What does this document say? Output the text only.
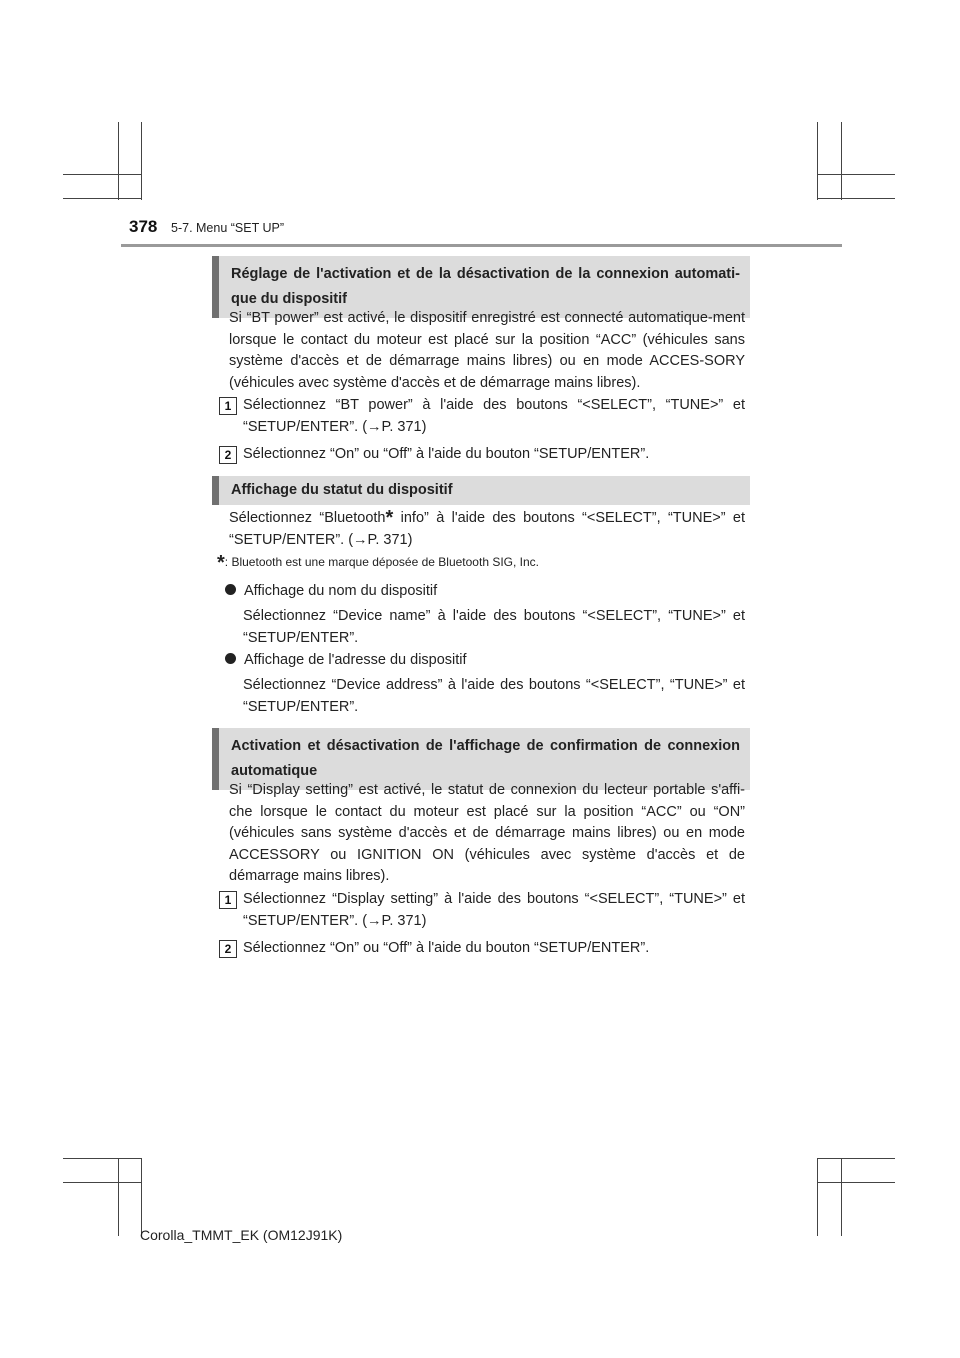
378 5-7. Menu “SET UP”
Réglage de l'activation et de la désactivation de la connexion automati-que du dispositif
Si “BT power” est activé, le dispositif enregistré est connecté automatique-ment lorsque le contact du moteur est placé sur la position “ACC” (véhicules sans système d'accès et de démarrage mains libres) ou en mode ACCES-SORY (véhicules avec système d'accès et de démarrage mains libres).
1 Sélectionnez “BT power” à l'aide des boutons “<SELECT”, “TUNE>” et “SETUP/ENTER”. (→P. 371)
2 Sélectionnez “On” ou “Off” à l'aide du bouton “SETUP/ENTER”.
Affichage du statut du dispositif
Sélectionnez “Bluetooth* info” à l'aide des boutons “<SELECT”, “TUNE>” et “SETUP/ENTER”. (→P. 371)
*: Bluetooth est une marque déposée de Bluetooth SIG, Inc.
Affichage du nom du dispositif
Sélectionnez “Device name” à l'aide des boutons “<SELECT”, “TUNE>” et “SETUP/ENTER”.
Affichage de l'adresse du dispositif
Sélectionnez “Device address” à l'aide des boutons “<SELECT”, “TUNE>” et “SETUP/ENTER”.
Activation et désactivation de l'affichage de confirmation de connexion automatique
Si “Display setting” est activé, le statut de connexion du lecteur portable s'affi-che lorsque le contact du moteur est placé sur la position “ACC” ou “ON” (véhicules sans système d'accès et de démarrage mains libres) ou en mode ACCESSORY ou IGNITION ON (véhicules avec système d'accès et de démarrage mains libres).
1 Sélectionnez “Display setting” à l'aide des boutons “<SELECT”, “TUNE>” et “SETUP/ENTER”. (→P. 371)
2 Sélectionnez “On” ou “Off” à l'aide du bouton “SETUP/ENTER”.
Corolla_TMMT_EK (OM12J91K)
